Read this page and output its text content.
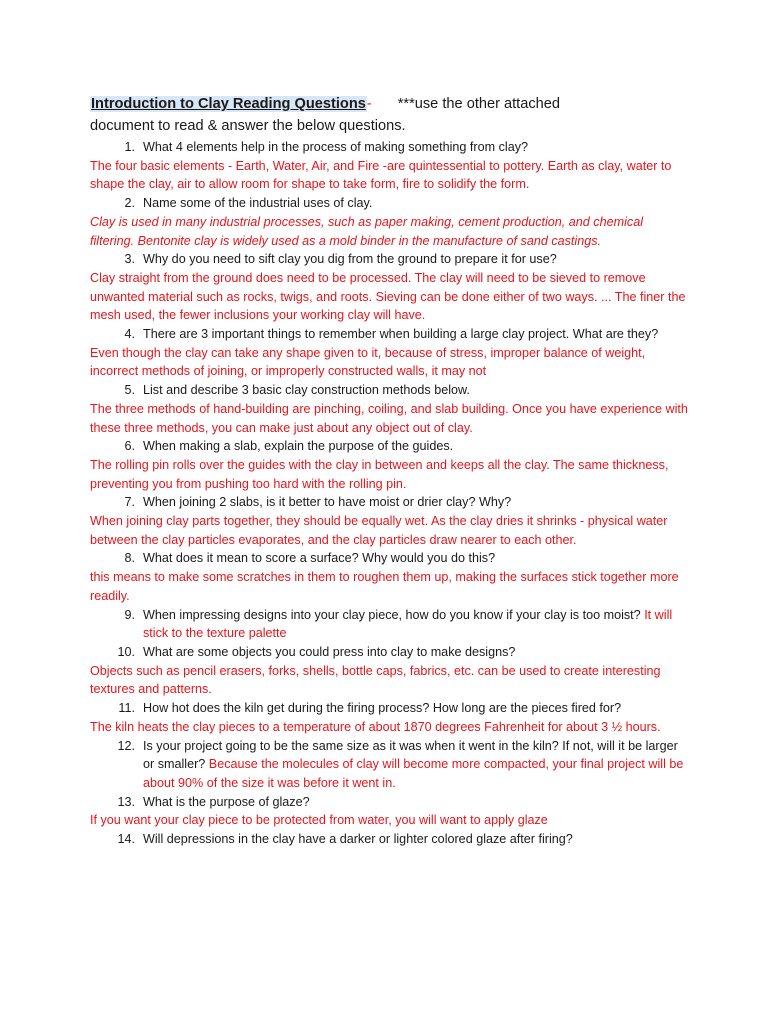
Introduction to Clay Reading Questions- ***use the other attached
document to read & answer the below questions.
1. What 4 elements help in the process of making something from clay?
The four basic elements - Earth, Water, Air, and Fire -are quintessential to pottery. Earth as clay, water to shape the clay, air to allow room for shape to take form, fire to solidify the form.
2. Name some of the industrial uses of clay.
Clay is used in many industrial processes, such as paper making, cement production, and chemical filtering. Bentonite clay is widely used as a mold binder in the manufacture of sand castings.
3. Why do you need to sift clay you dig from the ground to prepare it for use?
Clay straight from the ground does need to be processed. The clay will need to be sieved to remove unwanted material such as rocks, twigs, and roots. Sieving can be done either of two ways. ... The finer the mesh used, the fewer inclusions your working clay will have.
4. There are 3 important things to remember when building a large clay project. What are they?
Even though the clay can take any shape given to it, because of stress, improper balance of weight, incorrect methods of joining, or improperly constructed walls, it may not
5. List and describe 3 basic clay construction methods below.
The three methods of hand-building are pinching, coiling, and slab building. Once you have experience with these three methods, you can make just about any object out of clay.
6. When making a slab, explain the purpose of the guides.
The rolling pin rolls over the guides with the clay in between and keeps all the clay. The same thickness, preventing you from pushing too hard with the rolling pin.
7. When joining 2 slabs, is it better to have moist or drier clay? Why?
When joining clay parts together, they should be equally wet. As the clay dries it shrinks - physical water between the clay particles evaporates, and the clay particles draw nearer to each other.
8. What does it mean to score a surface? Why would you do this?
this means to make some scratches in them to roughen them up, making the surfaces stick together more readily.
9. When impressing designs into your clay piece, how do you know if your clay is too moist? It will stick to the texture palette
10. What are some objects you could press into clay to make designs?
Objects such as pencil erasers, forks, shells, bottle caps, fabrics, etc. can be used to create interesting textures and patterns.
11. How hot does the kiln get during the firing process? How long are the pieces fired for?
The kiln heats the clay pieces to a temperature of about 1870 degrees Fahrenheit for about 3 ½ hours.
12. Is your project going to be the same size as it was when it went in the kiln? If not, will it be larger or smaller? Because the molecules of clay will become more compacted, your final project will be about 90% of the size it was before it went in.
13. What is the purpose of glaze?
If you want your clay piece to be protected from water, you will want to apply glaze
14. Will depressions in the clay have a darker or lighter colored glaze after firing?
